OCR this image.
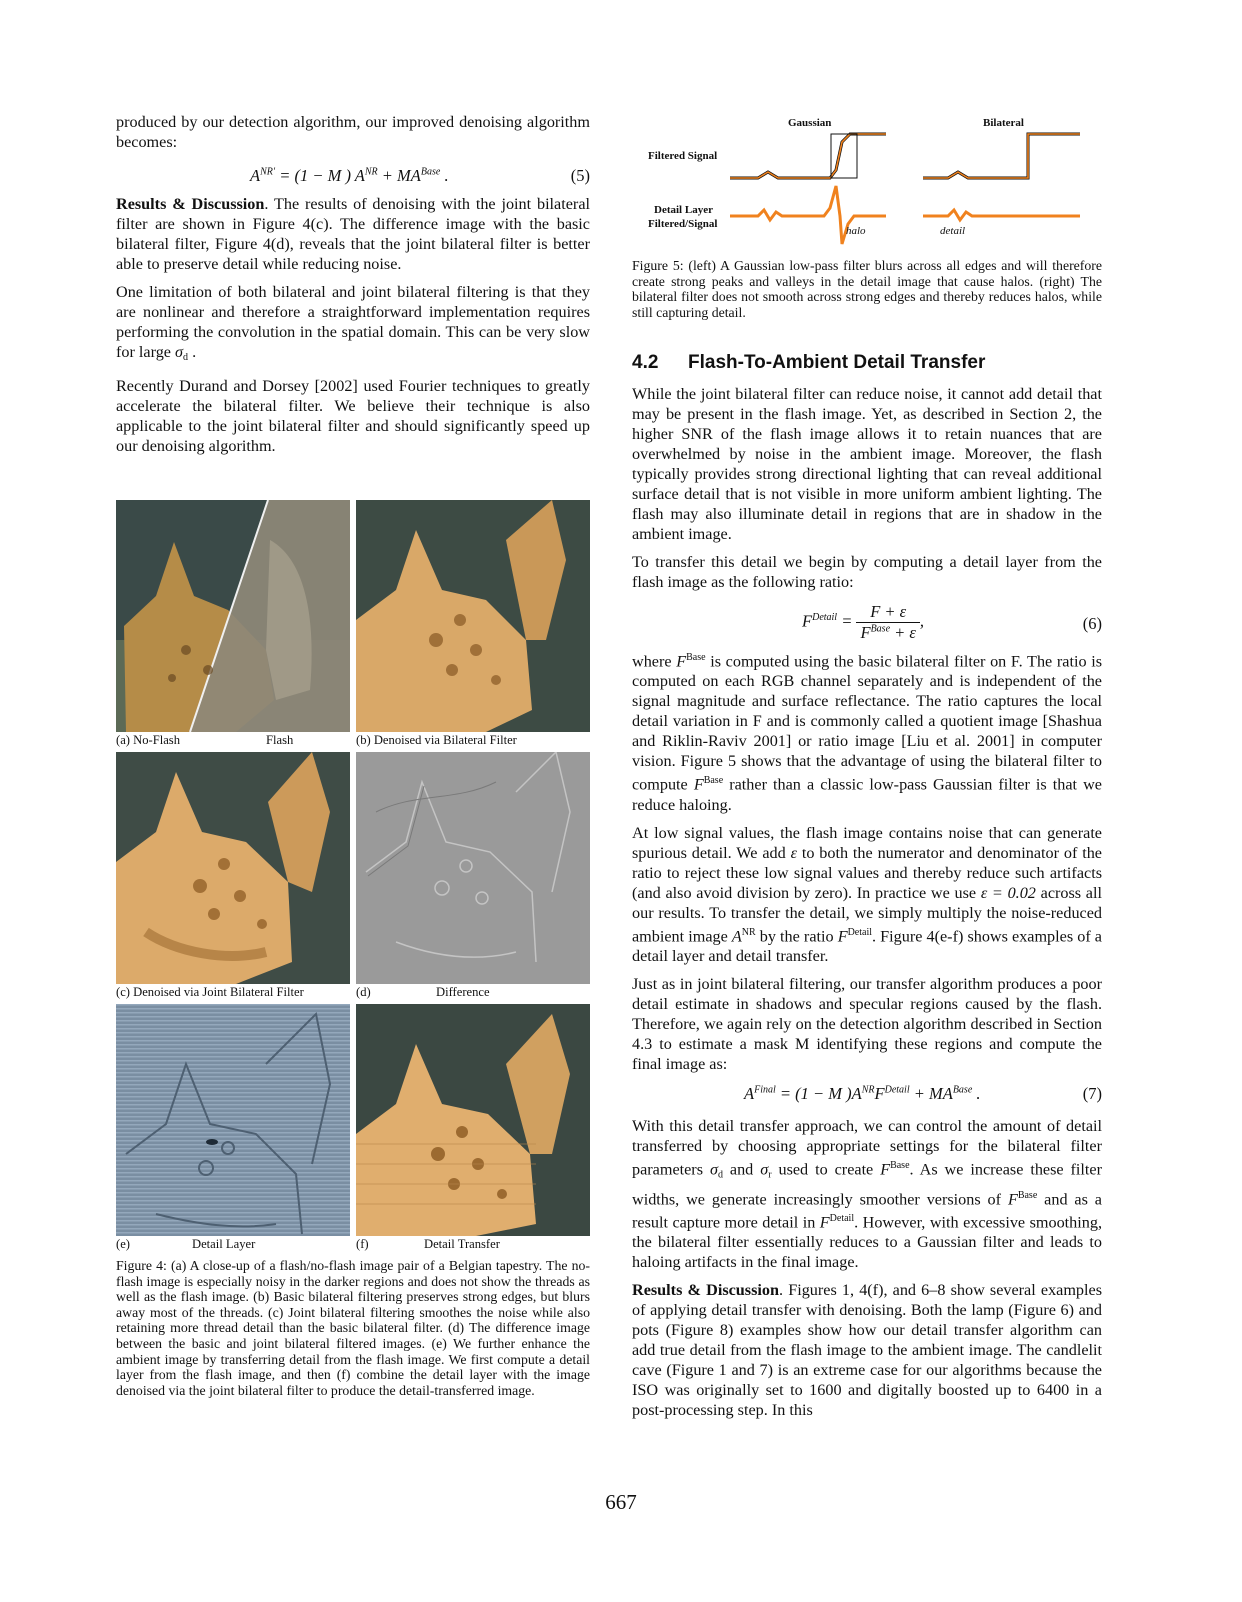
produced by our detection algorithm, our improved denoising algorithm becomes:

$A^{NR'} = (1 - M$ ) $A^{NR} + MA^{Base}$ .	(5)

Results & Discussion. The results of denoising with the joint bilateral filter are shown in Figure 4(c). The difference image with the basic bilateral filter, Figure 4(d), reveals that the joint bilateral filter is better able to preserve detail while reducing noise.

One limitation of both bilateral and joint bilateral filtering is that they are nonlinear and therefore a straightforward implementation requires performing the convolution in the spatial domain. This can be very slow for large $\sigma_d$ .

Recently Durand and Dorsey [2002] used Fourier techniques to greatly accelerate the bilateral filter. We believe their technique is also applicable to the joint bilateral filter and should significantly speed up our denoising algorithm.

(a) No-Flash	Flash	(b) Denoised via Bilateral Filter
(c) Denoised via Joint Bilateral Filter	(d)	Difference
(e)	Detail Layer	(f)	Detail Transfer

Figure 4: (a) A close-up of a flash/no-flash image pair of a Belgian tapestry. The no-flash image is especially noisy in the darker regions and does not show the threads as well as the flash image. (b) Basic bilateral filtering preserves strong edges, but blurs away most of the threads. (c) Joint bilateral filtering smoothes the noise while also retaining more thread detail than the basic bilateral filter. (d) The difference image between the basic and joint bilateral filtered images. (e) We further enhance the ambient image by transferring detail from the flash image. We first compute a detail layer from the flash image, and then (f) combine the detail layer with the image denoised via the joint bilateral filter to produce the detail-transferred image.

Gaussian	Bilateral
Filtered Signal
Detail Layer
Filtered/Signal
halo	detail

Figure 5: (left) A Gaussian low-pass filter blurs across all edges and will therefore create strong peaks and valleys in the detail image that cause halos. (right) The bilateral filter does not smooth across strong edges and thereby reduces halos, while still capturing detail.

4.2 Flash-To-Ambient Detail Transfer

While the joint bilateral filter can reduce noise, it cannot add detail that may be present in the flash image. Yet, as described in Section 2, the higher SNR of the flash image allows it to retain nuances that are overwhelmed by noise in the ambient image. Moreover, the flash typically provides strong directional lighting that can reveal additional surface detail that is not visible in more uniform ambient lighting. The flash may also illuminate detail in regions that are in shadow in the ambient image.

To transfer this detail we begin by computing a detail layer from the flash image as the following ratio:

$F^{Detail} = \frac{F + \varepsilon}{F^{Base} + \varepsilon}$ ,	(6)

where $F^{Base}$ is computed using the basic bilateral filter on F. The ratio is computed on each RGB channel separately and is independent of the signal magnitude and surface reflectance. The ratio captures the local detail variation in F and is commonly called a quotient image [Shashua and Riklin-Raviv 2001] or ratio image [Liu et al. 2001] in computer vision. Figure 5 shows that the advantage of using the bilateral filter to compute $F^{Base}$ rather than a classic low-pass Gaussian filter is that we reduce haloing.

At low signal values, the flash image contains noise that can generate spurious detail. We add ε to both the numerator and denominator of the ratio to reject these low signal values and thereby reduce such artifacts (and also avoid division by zero). In practice we use ε = 0.02 across all our results. To transfer the detail, we simply multiply the noise-reduced ambient image $A^{NR}$ by the ratio $F^{Detail}$. Figure 4(e-f) shows examples of a detail layer and detail transfer.

Just as in joint bilateral filtering, our transfer algorithm produces a poor detail estimate in shadows and specular regions caused by the flash. Therefore, we again rely on the detection algorithm described in Section 4.3 to estimate a mask M identifying these regions and compute the final image as:

$A^{Final} = (1 - M$ )$A^{NR}F^{Detail} + MA^{Base}$ .	(7)

With this detail transfer approach, we can control the amount of detail transferred by choosing appropriate settings for the bilateral filter parameters $\sigma_d$ and $\sigma_r$ used to create $F^{Base}$. As we increase these filter widths, we generate increasingly smoother versions of $F^{Base}$ and as a result capture more detail in $F^{Detail}$. However, with excessive smoothing, the bilateral filter essentially reduces to a Gaussian filter and leads to haloing artifacts in the final image.

Results & Discussion. Figures 1, 4(f), and 6–8 show several examples of applying detail transfer with denoising. Both the lamp (Figure 6) and pots (Figure 8) examples show how our detail transfer algorithm can add true detail from the flash image to the ambient image. The candlelit cave (Figure 1 and 7) is an extreme case for our algorithms because the ISO was originally set to 1600 and digitally boosted up to 6400 in a post-processing step. In this

667
